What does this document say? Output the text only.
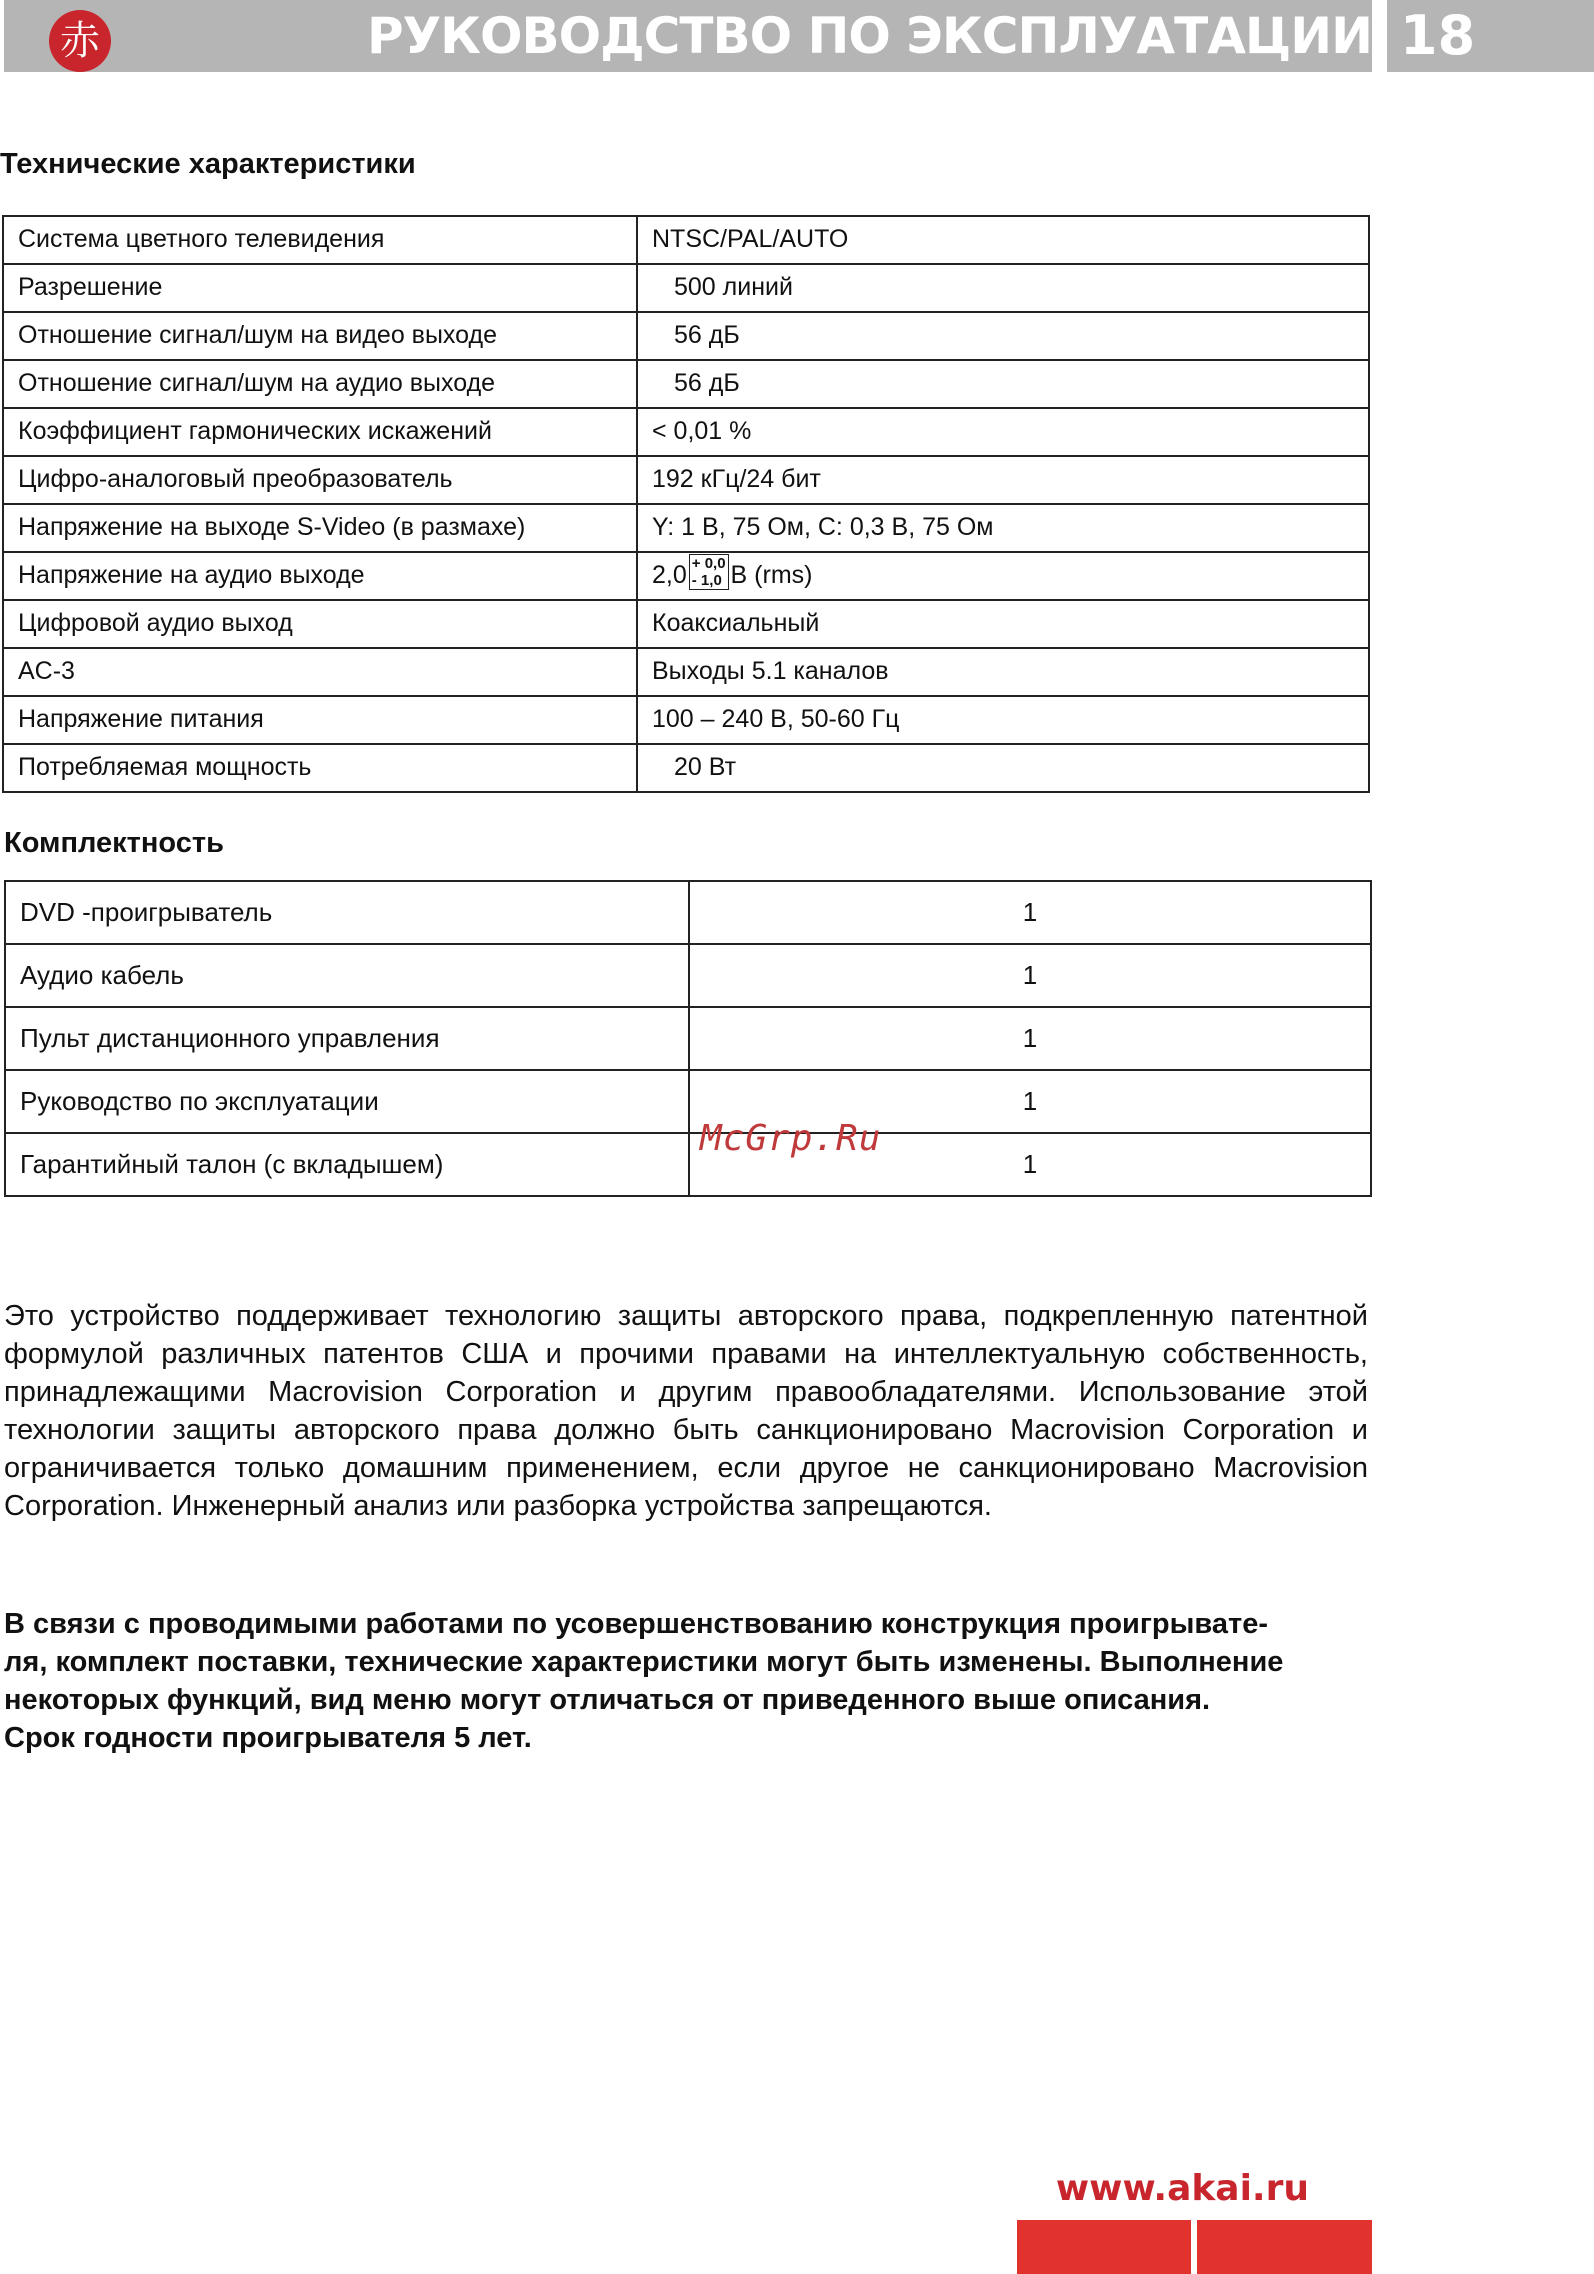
赤	РУКОВОДСТВО ПО ЭКСПЛУАТАЦИИ 18
Технические характеристики
Система цветного телевидения	NTSC/PAL/AUTO
Разрешение	500 линий
Отношение сигнал/шум на видео выходе	56 дБ
Отношение сигнал/шум на аудио выходе	56 дБ
Коэффициент гармонических искажений	< 0,01 %
Цифро-аналоговый преобразователь	192 кГц/24 бит
Напряжение на выходе S-Video (в размахе)	Y: 1 В, 75 Ом, C: 0,3 В, 75 Ом
Напряжение на аудио выходе	2,0 + 0,0
- 1,0 В (rms)
Цифровой аудио выход	Коаксиальный
AC-3	Выходы 5.1 каналов
Напряжение питания	100 – 240 В, 50-60 Гц
Потребляемая мощность	20 Вт
Комплектность
DVD -проигрыватель	1
Аудио кабель	1
Пульт дистанционного управления	1
Руководство по эксплуатации	1
Гарантийный талон (с вкладышем)	1
McGrp.Ru

Это устройство поддерживает технологию защиты авторского права, подкрепленную патентной формулой различных патентов США и прочими правами на интеллектуальную собственность, принадлежащими Macrovision Corporation и другим правообладателями. Использование этой технологии защиты авторского права должно быть санкционировано Macrovision Corporation и ограничивается только домашним применением, если другое не санкционировано Macrovision Corporation. Инженерный анализ или разборка устройства запрещаются.

В связи с проводимыми работами по усовершенствованию конструкция проигрывате-
ля, комплект поставки, технические характеристики могут быть изменены. Выполнение
некоторых функций, вид меню могут отличаться от приведенного выше описания.
Срок годности проигрывателя 5 лет.
www.akai.ru
